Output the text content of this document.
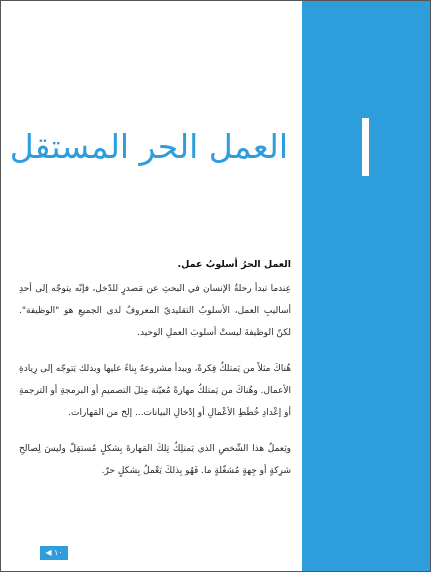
العمل الحر المستقل
العمل الحرُ أسلوبُ عمل.

عِندما تبدأ رحلةُ الإنسان في البحثِ عن مَصدرٍ للدّخل، فإنّه يتوجّه إلى أحدِ أساليبِ العمل، الأسلوبُ التقليديّ المعروفُ لدى الجميعِ هو "الوظيفة". لكنّ الوظيفةَ ليستْ أسلوبَ العملِ الوحيد.

هُناكَ مثلاً من يَمتلكُ فِكرةً، ويبدأ مشروعهُ بِناءً عليها وبذلك يَتوجّه إلى رِيادةِ الأعمال. وهُناكَ من يَمتلكُ مهارةً مُعيّنة مِثلَ التصميمِ أو البرمجةِ أو الترجمةِ أو إعْدادِ خُطَطِ الأعْمالِ أو إدْخالِ البيانات... إلخ من المَهارات.

ويَعملُ هذا الشّخصِ الذي يَمتلِكُ تِلكَ المَهارةَ بِشكلٍ مُستقِلّ وليسَ لِصالحِ شرِكةٍ أو جِهةٍ مُشغّلةٍ ما. فَهُو بِذلكَ يَعْملُ بِشكلٍ حرّ.

١٠ ◀
